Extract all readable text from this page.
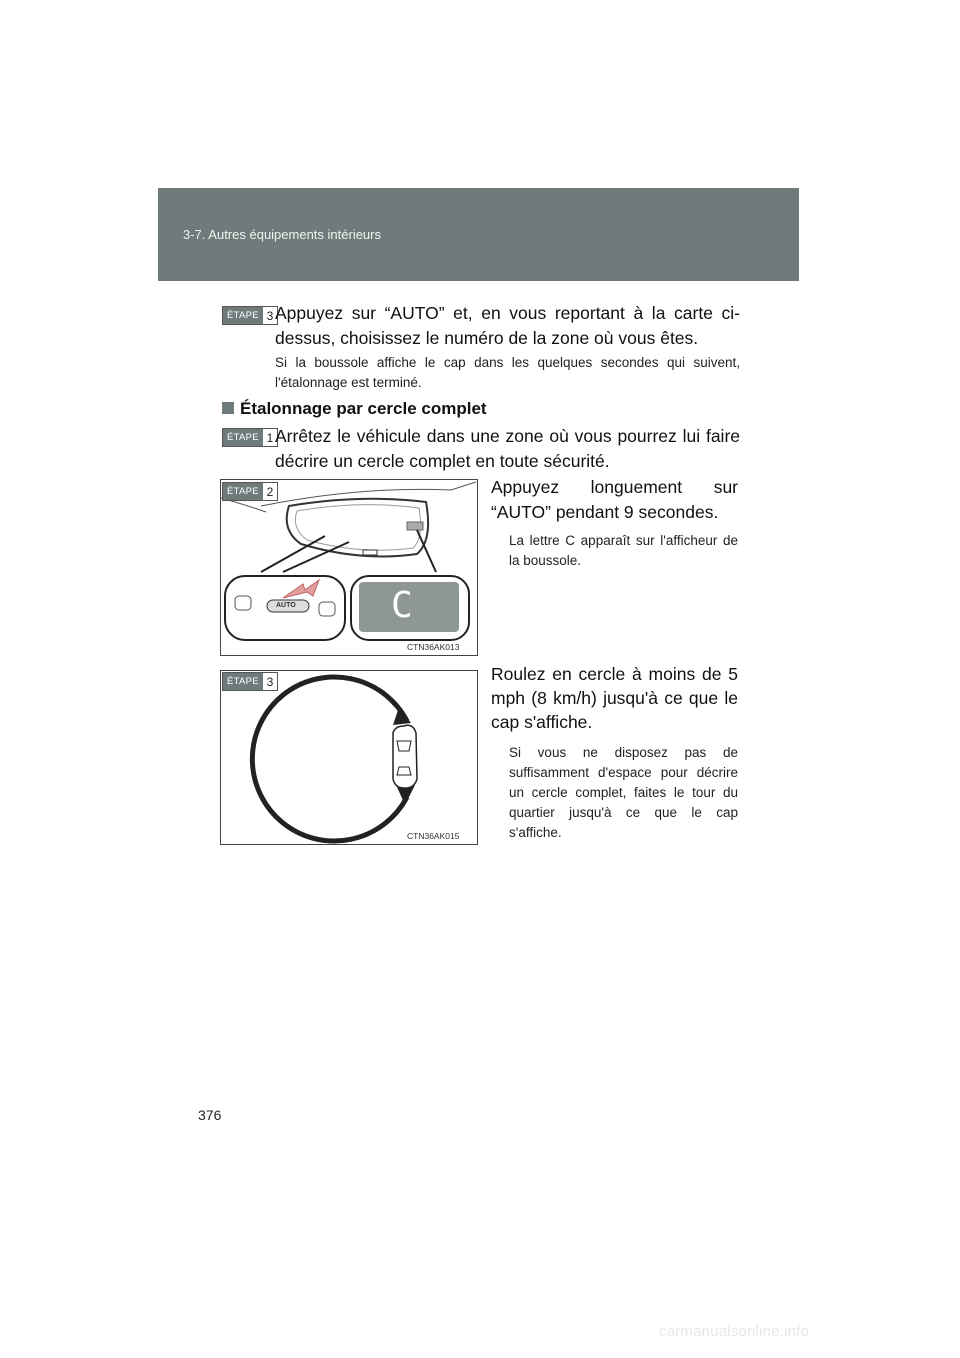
3-7. Autres équipements intérieurs
ÉTAPE 3 Appuyez sur “AUTO” et, en vous reportant à la carte ci-dessus, choisissez le numéro de la zone où vous êtes.
Si la boussole affiche le cap dans les quelques secondes qui suivent, l'étalonnage est terminé.
Étalonnage par cercle complet
ÉTAPE 1 Arrêtez le véhicule dans une zone où vous pourrez lui faire décrire un cercle complet en toute sécurité.
AUTO	C
CTN36AK013
ÉTAPE 2	Appuyez longuement sur “AUTO” pendant 9 secondes.
La lettre C apparaît sur l'afficheur de la boussole.
CTN36AK015
ÉTAPE 3	Roulez en cercle à moins de 5 mph (8 km/h) jusqu'à ce que le cap s'affiche.
Si vous ne disposez pas de suffisamment d'espace pour décrire un cercle complet, faites le tour du quartier jusqu'à ce que le cap s'affiche.
376
carmanualsonline.info
